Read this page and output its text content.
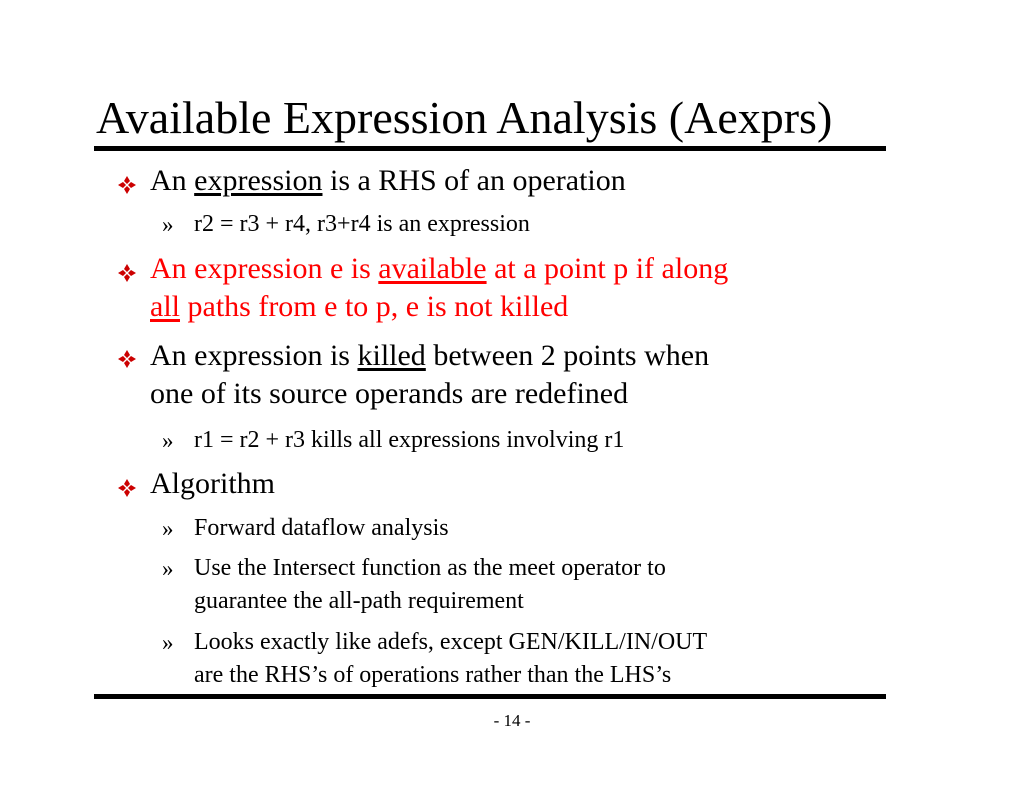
Available Expression Analysis (Aexprs)
An expression is a RHS of an operation
» r2 = r3 + r4, r3+r4 is an expression
An expression e is available at a point p if along
all paths from e to p, e is not killed
An expression is killed between 2 points when
one of its source operands are redefined
» r1 = r2 + r3 kills all expressions involving r1
Algorithm
» Forward dataflow analysis
» Use the Intersect function as the meet operator to
guarantee the all-path requirement
» Looks exactly like adefs, except GEN/KILL/IN/OUT
are the RHS’s of operations rather than the LHS’s
- 14 -
